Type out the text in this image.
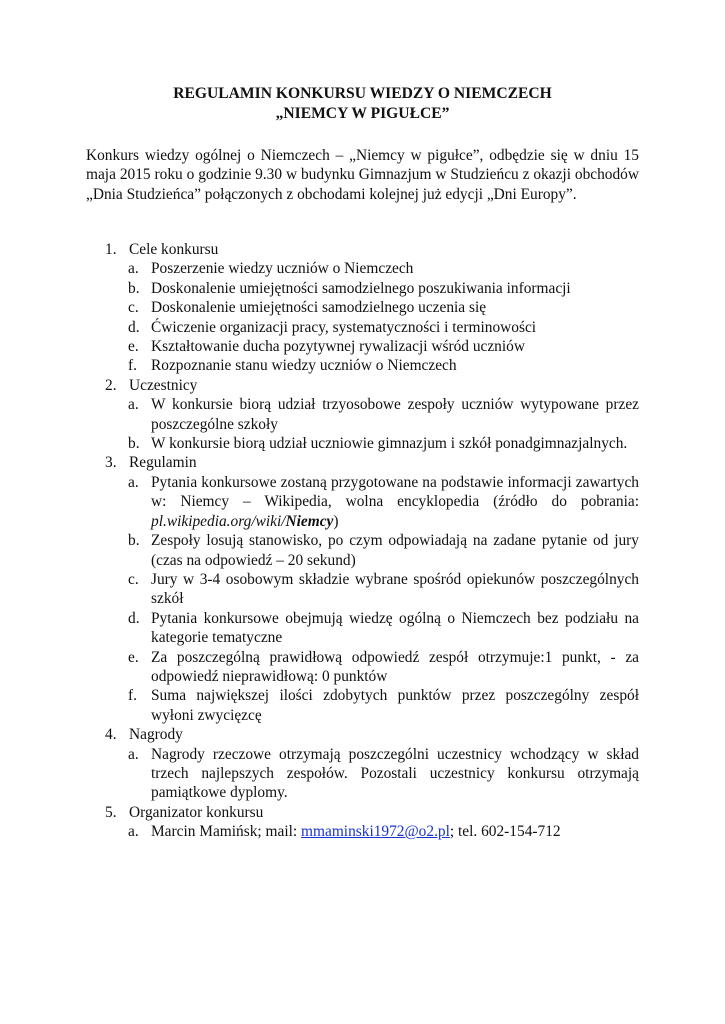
REGULAMIN KONKURSU WIEDZY O NIEMCZECH
„NIEMCY W PIGUŁCE”
Konkurs wiedzy ogólnej o Niemczech – „Niemcy w pigułce”, odbędzie się w dniu 15 maja 2015 roku o godzinie 9.30 w budynku Gimnazjum w Studzieńcu z okazji obchodów „Dnia Studzieńca” połączonych z obchodami kolejnej już edycji „Dni Europy”.
1. Cele konkursu
a. Poszerzenie wiedzy uczniów o Niemczech
b. Doskonalenie umiejętności samodzielnego poszukiwania informacji
c. Doskonalenie umiejętności samodzielnego uczenia się
d. Ćwiczenie organizacji pracy, systematyczności i terminowości
e. Kształtowanie ducha pozytywnej rywalizacji wśród uczniów
f. Rozpoznanie stanu wiedzy uczniów o Niemczech
2. Uczestnicy
a. W konkursie biorą udział trzyosobowe zespoły uczniów wytypowane przez poszczególne szkoły
b. W konkursie biorą udział uczniowie gimnazjum i szkół ponadgimnazjalnych.
3. Regulamin
a. Pytania konkursowe zostaną przygotowane na podstawie informacji zawartych w: Niemcy – Wikipedia, wolna encyklopedia (źródło do pobrania: pl.wikipedia.org/wiki/Niemcy)
b. Zespoły losują stanowisko, po czym odpowiadają na zadane pytanie od jury (czas na odpowiedź – 20 sekund)
c. Jury w 3-4 osobowym składzie wybrane spośród opiekunów poszczególnych szkół
d. Pytania konkursowe obejmują wiedzę ogólną o Niemczech bez podziału na kategorie tematyczne
e. Za poszczególną prawidłową odpowiedź zespół otrzymuje:1 punkt, - za odpowiedź nieprawidłową: 0 punktów
f. Suma największej ilości zdobytych punktów przez poszczególny zespół wyłoni zwycięzcę
4. Nagrody
a. Nagrody rzeczowe otrzymają poszczególni uczestnicy wchodzący w skład trzech najlepszych zespołów. Pozostali uczestnicy konkursu otrzymają pamiątkowe dyplomy.
5. Organizator konkursu
a. Marcin Mamińsk; mail: mmaminski1972@o2.pl; tel. 602-154-712
